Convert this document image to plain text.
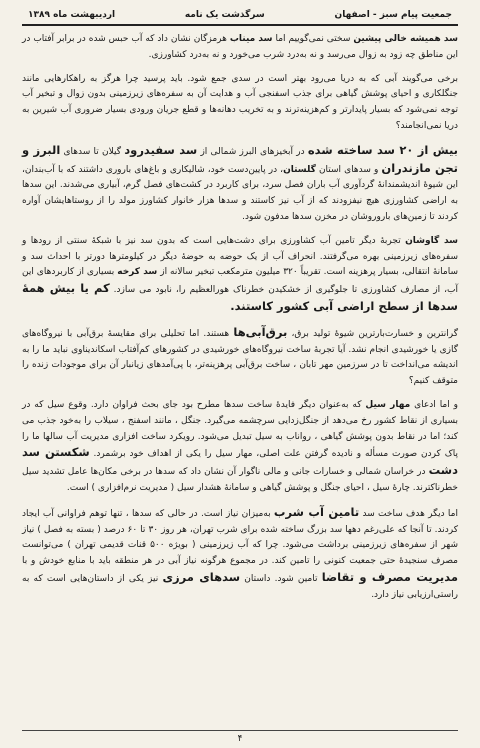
جمعیت پیام سبز - اصفهان
سرگذشت یک نامه
اردیبهشت ماه ۱۳۸۹

سد همیشه خالی پیشین سختی نمی‌گوییم اما سد میناب هرمزگان نشان داد که آب حبس شده در برابر آفتاب در این مناطق چه زود به زوال می‌رسد و نه به‌درد شرب می‌خورد و نه به‌درد کشاورزی.

برخی می‌گویند آبی که به دریا می‌رود بهتر است در سدی جمع شود. باید پرسید چرا هرگز به راهکارهایی مانند جنگلکاری و احیای پوشش گیاهی برای جذب اسفنجی آب و هدایت آن به سفره‌های زیرزمینی بدون زوال و تبخیر آب توجه نمی‌شود که بسیار پایدارتر و کم‌هزینه‌ترند و به تخریب دهانه‌ها و قطع جریان ورودی بسیار ضروری آب شیرین به دریا نمی‌انجامند؟

بیش از ۲۰ سد ساخته شده در آبخیزهای البرز شمالی از سد سفیدرود گیلان تا سدهای البرز و تجن مازندران و سدهای استان گلستان، در پایین‌دست خود، شالیکاری و باغ‌های باروری داشتند که با آب‌بندان، این شیوهٔ اندیشمندانهٔ گردآوری آب باران فصل سرد، برای کاربرد در کشت‌های فصل گرم، آبیاری می‌شدند. این سدها به اراضی کشاورزی هیچ نیفزودند که از آب نیز کاستند و سدها هزار خانوار کشاورز مولد را از روستاهایشان آواره کردند تا زمین‌های باروروشان در مخزن سدها مدفون شود.

سد گاوشان تجربهٔ دیگر تامین آب کشاورزی برای دشت‌هایی است که بدون سد نیز با شبکهٔ سنتی از رودها و سفره‌های زیرزمینی بهره می‌گرفتند. انحراف آب از یک حوضه به حوضهٔ دیگر در کیلومترها دورتر با احداث سد و سامانهٔ انتقالی، بسیار پرهزینه است. تقریباً ۳۲۰ میلیون مترمکعب تبخیر سالانه از سد کرخه بسیاری از کاربردهای این آب، از مصارف کشاورزی تا جلوگیری از خشکیدن خطرناک هورالعظیم را، نابود می سازد. کم یا بیش همهٔ سدها از سطح اراضی آبی کشور کاستند.

گرانترین و خسارت‌بارترین شیوهٔ تولید برق، برق‌آبی‌ها هستند. اما تحلیلی برای مقایسهٔ برق‌آبی با نیروگاه‌های گازی یا خورشیدی انجام نشد. آیا تجربهٔ ساخت نیروگاه‌های خورشیدی در کشورهای کم‌آفتاب اسکاندیناوی نباید ما را به اندیشه می‌انداخت تا در سرزمین مهر تابان ، ساخت برق‌آبی پرهزینه‌تر، با پی‌آمدهای زیانبار آن برای موجودات زنده را متوقف کنیم؟

و اما ادعای مهار سیل که به‌عنوان دیگر فایدهٔ ساخت سدها مطرح بود جای بحث فراوان دارد. وقوع سیل که در بسیاری از نقاط کشور رخ می‌دهد از جنگل‌زدایی سرچشمه می‌گیرد. جنگل ، مانند اسفنج ، سیلاب را به‌خود جذب می کند؛ اما در نقاط بدون پوشش گیاهی ، رواناب به سیل تبدیل می‌شود. رویکرد ساخت افزاری مدیریت آب سالها ما را پاک کردن صورت مسأله و نادیده گرفتن علت اصلی، مهار سیل را یکی از اهداف خود برشمرد. شکستن سد دشت در خراسان شمالی و خسارات جانی و مالی ناگوار آن نشان داد که سدها در برخی مکان‌ها عامل تشدید سیل خطرناکترند. چارهٔ سیل ، احیای جنگل و پوشش گیاهی و سامانهٔ هشدار سیل ( مدیریت نرم‌افزاری ) است.

اما دیگر هدف ساخت سد تامین آب شرب به‌میزان نیاز است. در حالی که سدها ، تنها توهم فراوانی آب ایجاد کردند. تا آنجا که علی‌رغم دهها سد بزرگ ساخته شده برای شرب تهران، هر روز ۳۰ تا ۶۰ درصد ( بسته به فصل ) نیاز شهر از سفره‌های زیرزمینی برداشت می‌شود. چرا که آب زیرزمینی ( بویژه ۵۰۰ قنات قدیمی تهران ) می‌توانست مصرف سنجیدهٔ حتی جمعیت کنونی را تامین کند. در مجموع هرگونه نیاز آبی در هر منطقه باید با منابع خودش و با مدیریت مصرف و تقاضا تامین شود. داستان سدهای مرزی نیز یکی از داستان‌هایی است که به راستی‌ارزیابی نیاز دارد.

۴
